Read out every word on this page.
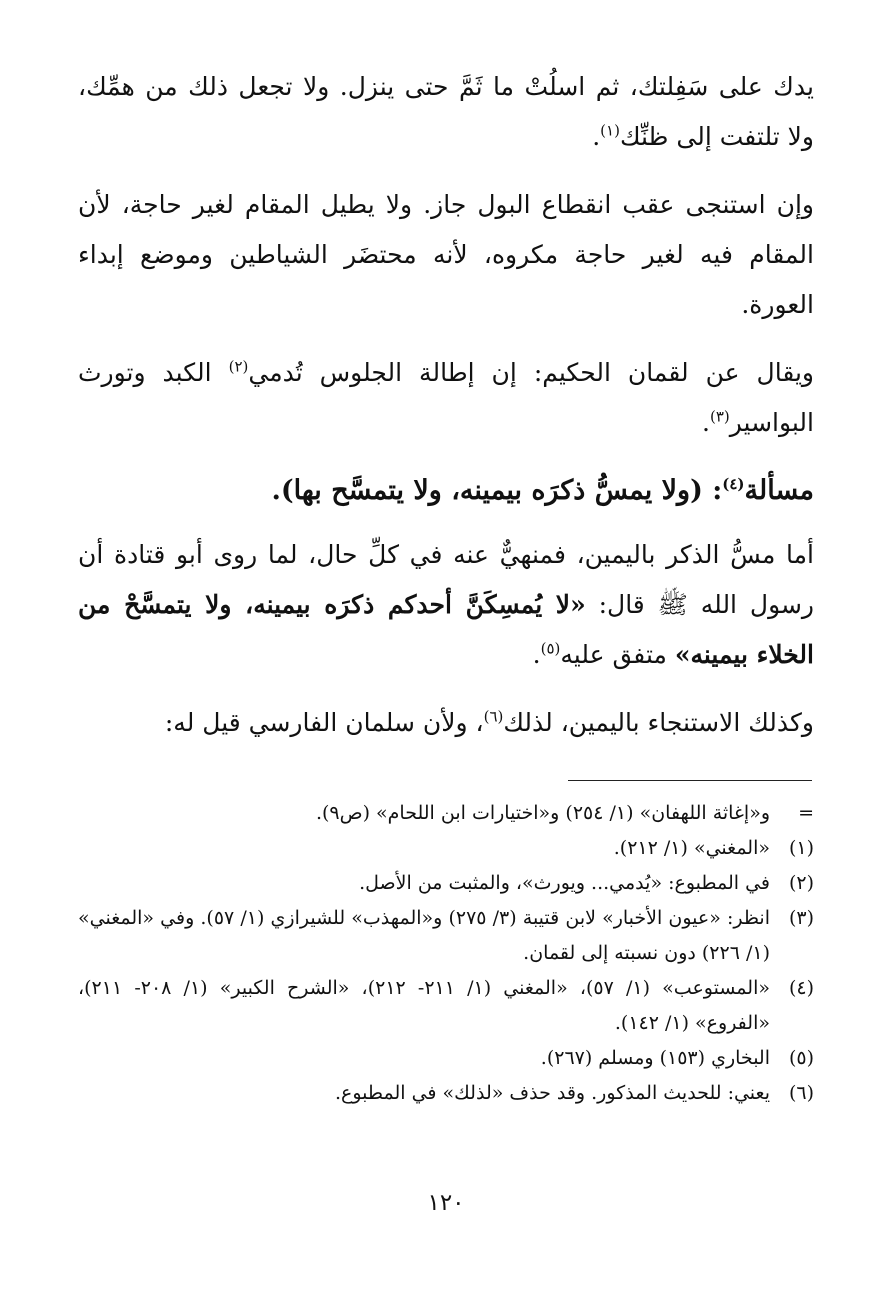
يدك على سَفِلتك، ثم اسلُتْ ما ثَمَّ حتى ينزل. ولا تجعل ذلك من همِّك، ولا تلتفت إلى ظنِّك$^{(١)}$.

وإن استنجى عقب انقطاع البول جاز. ولا يطيل المقام لغير حاجة، لأن المقام فيه لغير حاجة مكروه، لأنه محتضَر الشياطين وموضع إبداء العورة.

ويقال عن لقمان الحكيم: إن إطالة الجلوس تُدمي$^{(٢)}$ الكبد وتورث البواسير$^{(٣)}$.

مسألة$^{(٤)}$: (ولا يمسُّ ذكرَه بيمينه، ولا يتمسَّح بها).

أما مسُّ الذكر باليمين، فمنهيٌّ عنه في كلِّ حال، لما روى أبو قتادة أن رسول الله ﷺ قال: «لا يُمسِكَنَّ أحدكم ذكرَه بيمينه، ولا يتمسَّحْ من الخلاء بيمينه» متفق عليه$^{(٥)}$.

وكذلك الاستنجاء باليمين، لذلك$^{(٦)}$، ولأن سلمان الفارسي قيل له:

=
و«إغاثة اللهفان» (١/ ٢٥٤) و«اختيارات ابن اللحام» (ص٩).
(١)
«المغني» (١/ ٢١٢).
(٢)
في المطبوع: «يُدمي... ويورث»، والمثبت من الأصل.
(٣)
انظر: «عيون الأخبار» لابن قتيبة (٣/ ٢٧٥) و«المهذب» للشيرازي (١/ ٥٧). وفي «المغني» (١/ ٢٢٦) دون نسبته إلى لقمان.
(٤)
«المستوعب» (١/ ٥٧)، «المغني (١/ ٢١١- ٢١٢)، «الشرح الكبير» (١/ ٢٠٨- ٢١١)، «الفروع» (١/ ١٤٢).
(٥)
البخاري (١٥٣) ومسلم (٢٦٧).
(٦)
يعني: للحديث المذكور. وقد حذف «لذلك» في المطبوع.
١٢٠
